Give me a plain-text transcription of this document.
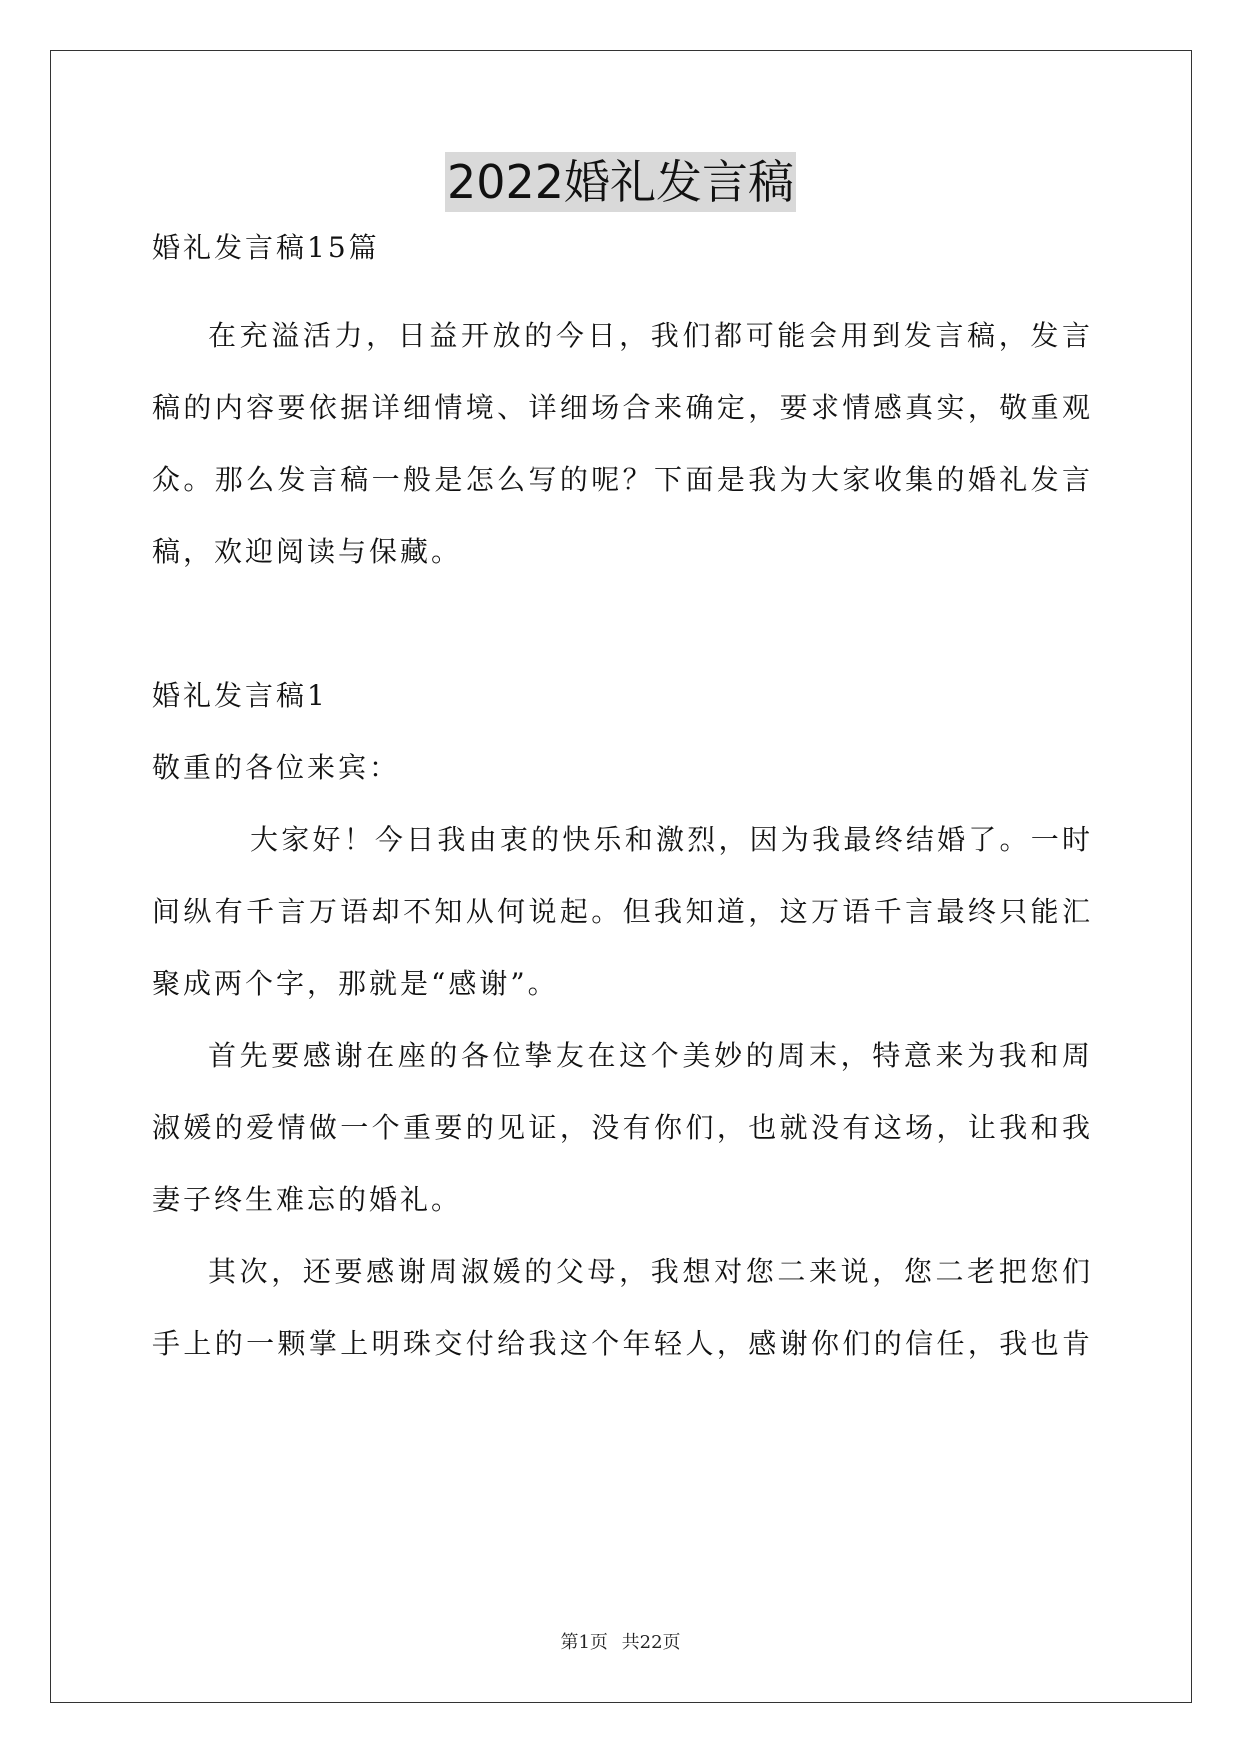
2022婚礼发言稿
婚礼发言稿15篇
在充溢活力，日益开放的今日，我们都可能会用到发言稿，发言
稿的内容要依据详细情境、详细场合来确定，要求情感真实，敬重观
众。那么发言稿一般是怎么写的呢？下面是我为大家收集的婚礼发言
稿，欢迎阅读与保藏。
婚礼发言稿1
敬重的各位来宾：
大家好！今日我由衷的快乐和激烈，因为我最终结婚了。一时
间纵有千言万语却不知从何说起。但我知道，这万语千言最终只能汇
聚成两个字，那就是“感谢”。
首先要感谢在座的各位挚友在这个美妙的周末，特意来为我和周
淑媛的爱情做一个重要的见证，没有你们，也就没有这场，让我和我
妻子终生难忘的婚礼。
其次，还要感谢周淑媛的父母，我想对您二来说，您二老把您们
手上的一颗掌上明珠交付给我这个年轻人，感谢你们的信任，我也肯
第1页 共22页
